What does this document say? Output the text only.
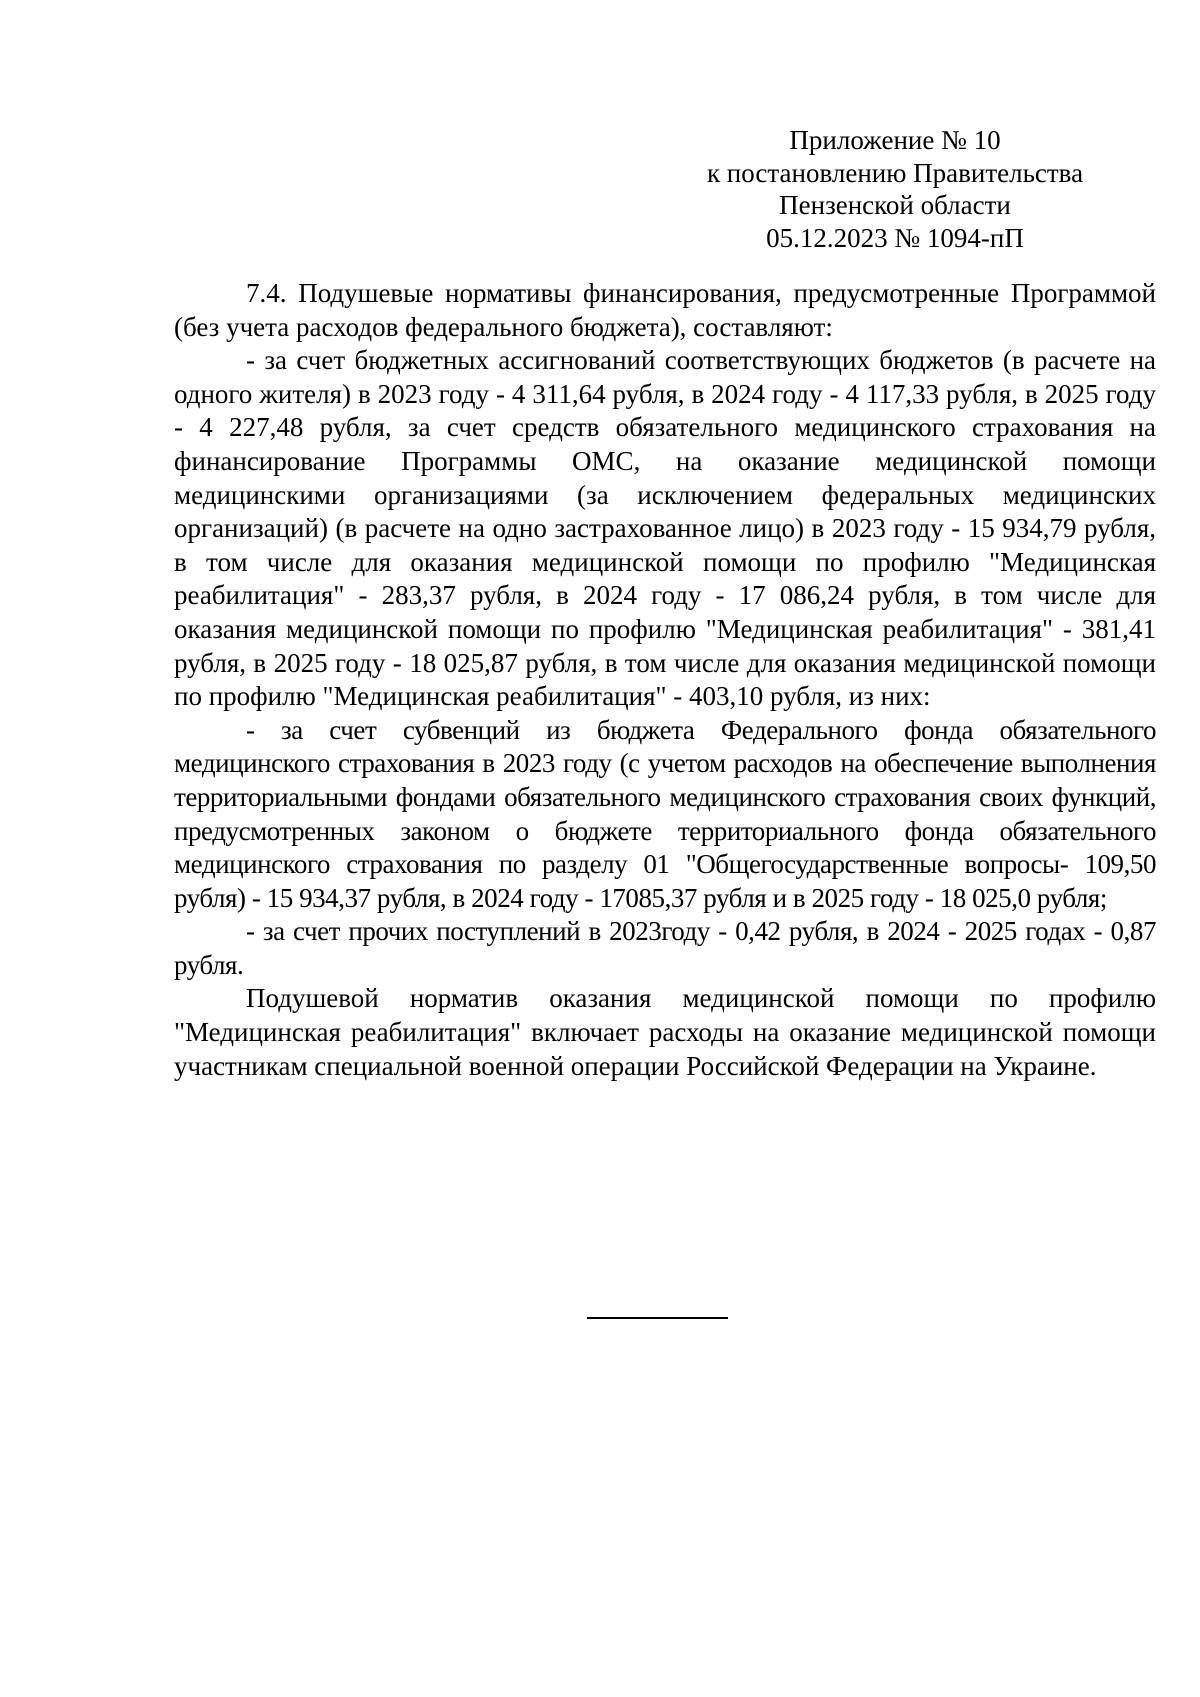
Приложение № 10
к постановлению Правительства
Пензенской области
05.12.2023 № 1094-пП

7.4. Подушевые нормативы финансирования, предусмотренные Программой (без учета расходов федерального бюджета), составляют:

- за счет бюджетных ассигнований соответствующих бюджетов (в расчете на одного жителя) в 2023 году - 4 311,64 рубля, в 2024 году - 4 117,33 рубля, в 2025 году - 4 227,48 рубля, за счет средств обязательного медицинского страхования на финансирование Программы ОМС, на оказание медицинской помощи медицинскими организациями (за исключением федеральных медицинских организаций) (в расчете на одно застрахованное лицо) в 2023 году - 15 934,79 рубля, в том числе для оказания медицинской помощи по профилю "Медицинская реабилитация" - 283,37 рубля, в 2024 году - 17 086,24 рубля, в том числе для оказания медицинской помощи по профилю "Медицинская реабилитация" - 381,41 рубля, в 2025 году - 18 025,87 рубля, в том числе для оказания медицинской помощи по профилю "Медицинская реабилитация" - 403,10 рубля, из них:

- за счет субвенций из бюджета Федерального фонда обязательного медицинского страхования в 2023 году (с учетом расходов на обеспечение выполнения территориальными фондами обязательного медицинского страхования своих функций, предусмотренных законом о бюджете территориального фонда обязательного медицинского страхования по разделу 01 "Общегосударственные вопросы- 109,50 рубля) - 15 934,37 рубля, в 2024 году - 17085,37 рубля и в 2025 году - 18 025,0 рубля;

- за счет прочих поступлений в 2023году - 0,42 рубля, в 2024 - 2025 годах - 0,87 рубля.

Подушевой норматив оказания медицинской помощи по профилю "Медицинская реабилитация" включает расходы на оказание медицинской помощи участникам специальной военной операции Российской Федерации на Украине.
